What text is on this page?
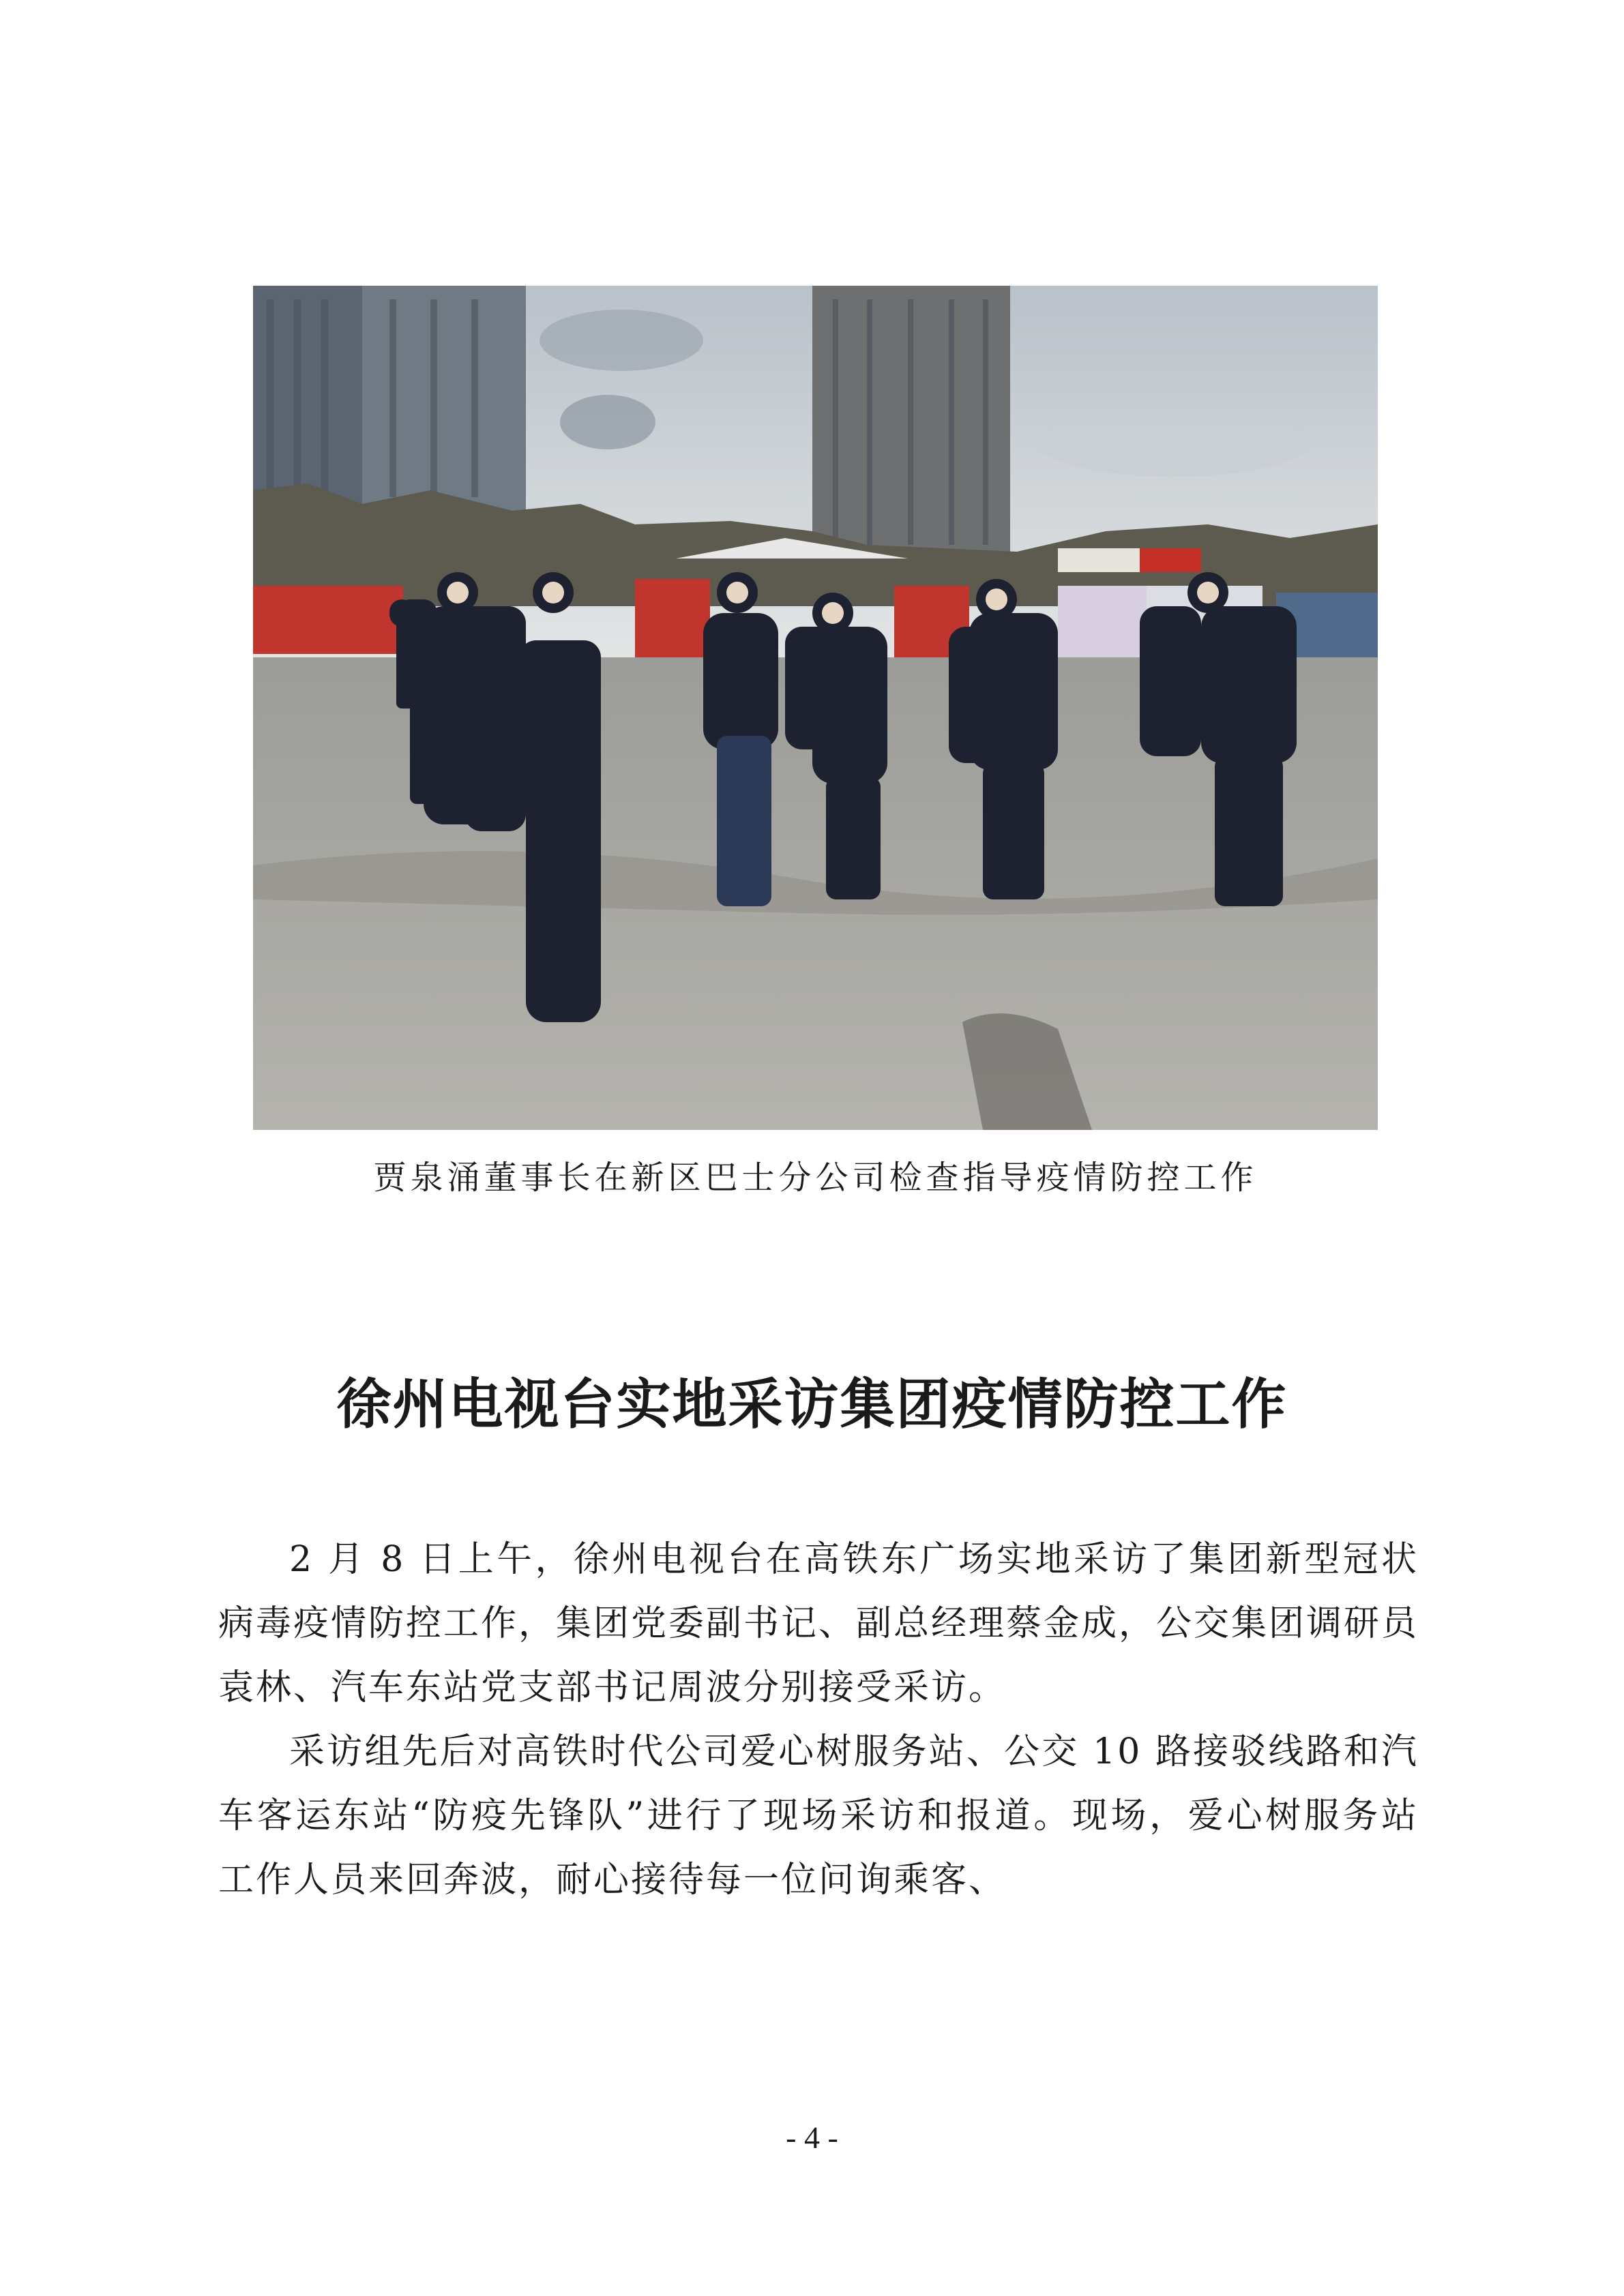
贾泉涌董事长在新区巴士分公司检查指导疫情防控工作
徐州电视台实地采访集团疫情防控工作

2 月 8 日上午，徐州电视台在高铁东广场实地采访了集团新型冠状病毒疫情防控工作，集团党委副书记、副总经理蔡金成，公交集团调研员袁林、汽车东站党支部书记周波分别接受采访。

采访组先后对高铁时代公司爱心树服务站、公交 10 路接驳线路和汽车客运东站“防疫先锋队”进行了现场采访和报道。现场，爱心树服务站工作人员来回奔波，耐心接待每一位问询乘客、

- 4 -
